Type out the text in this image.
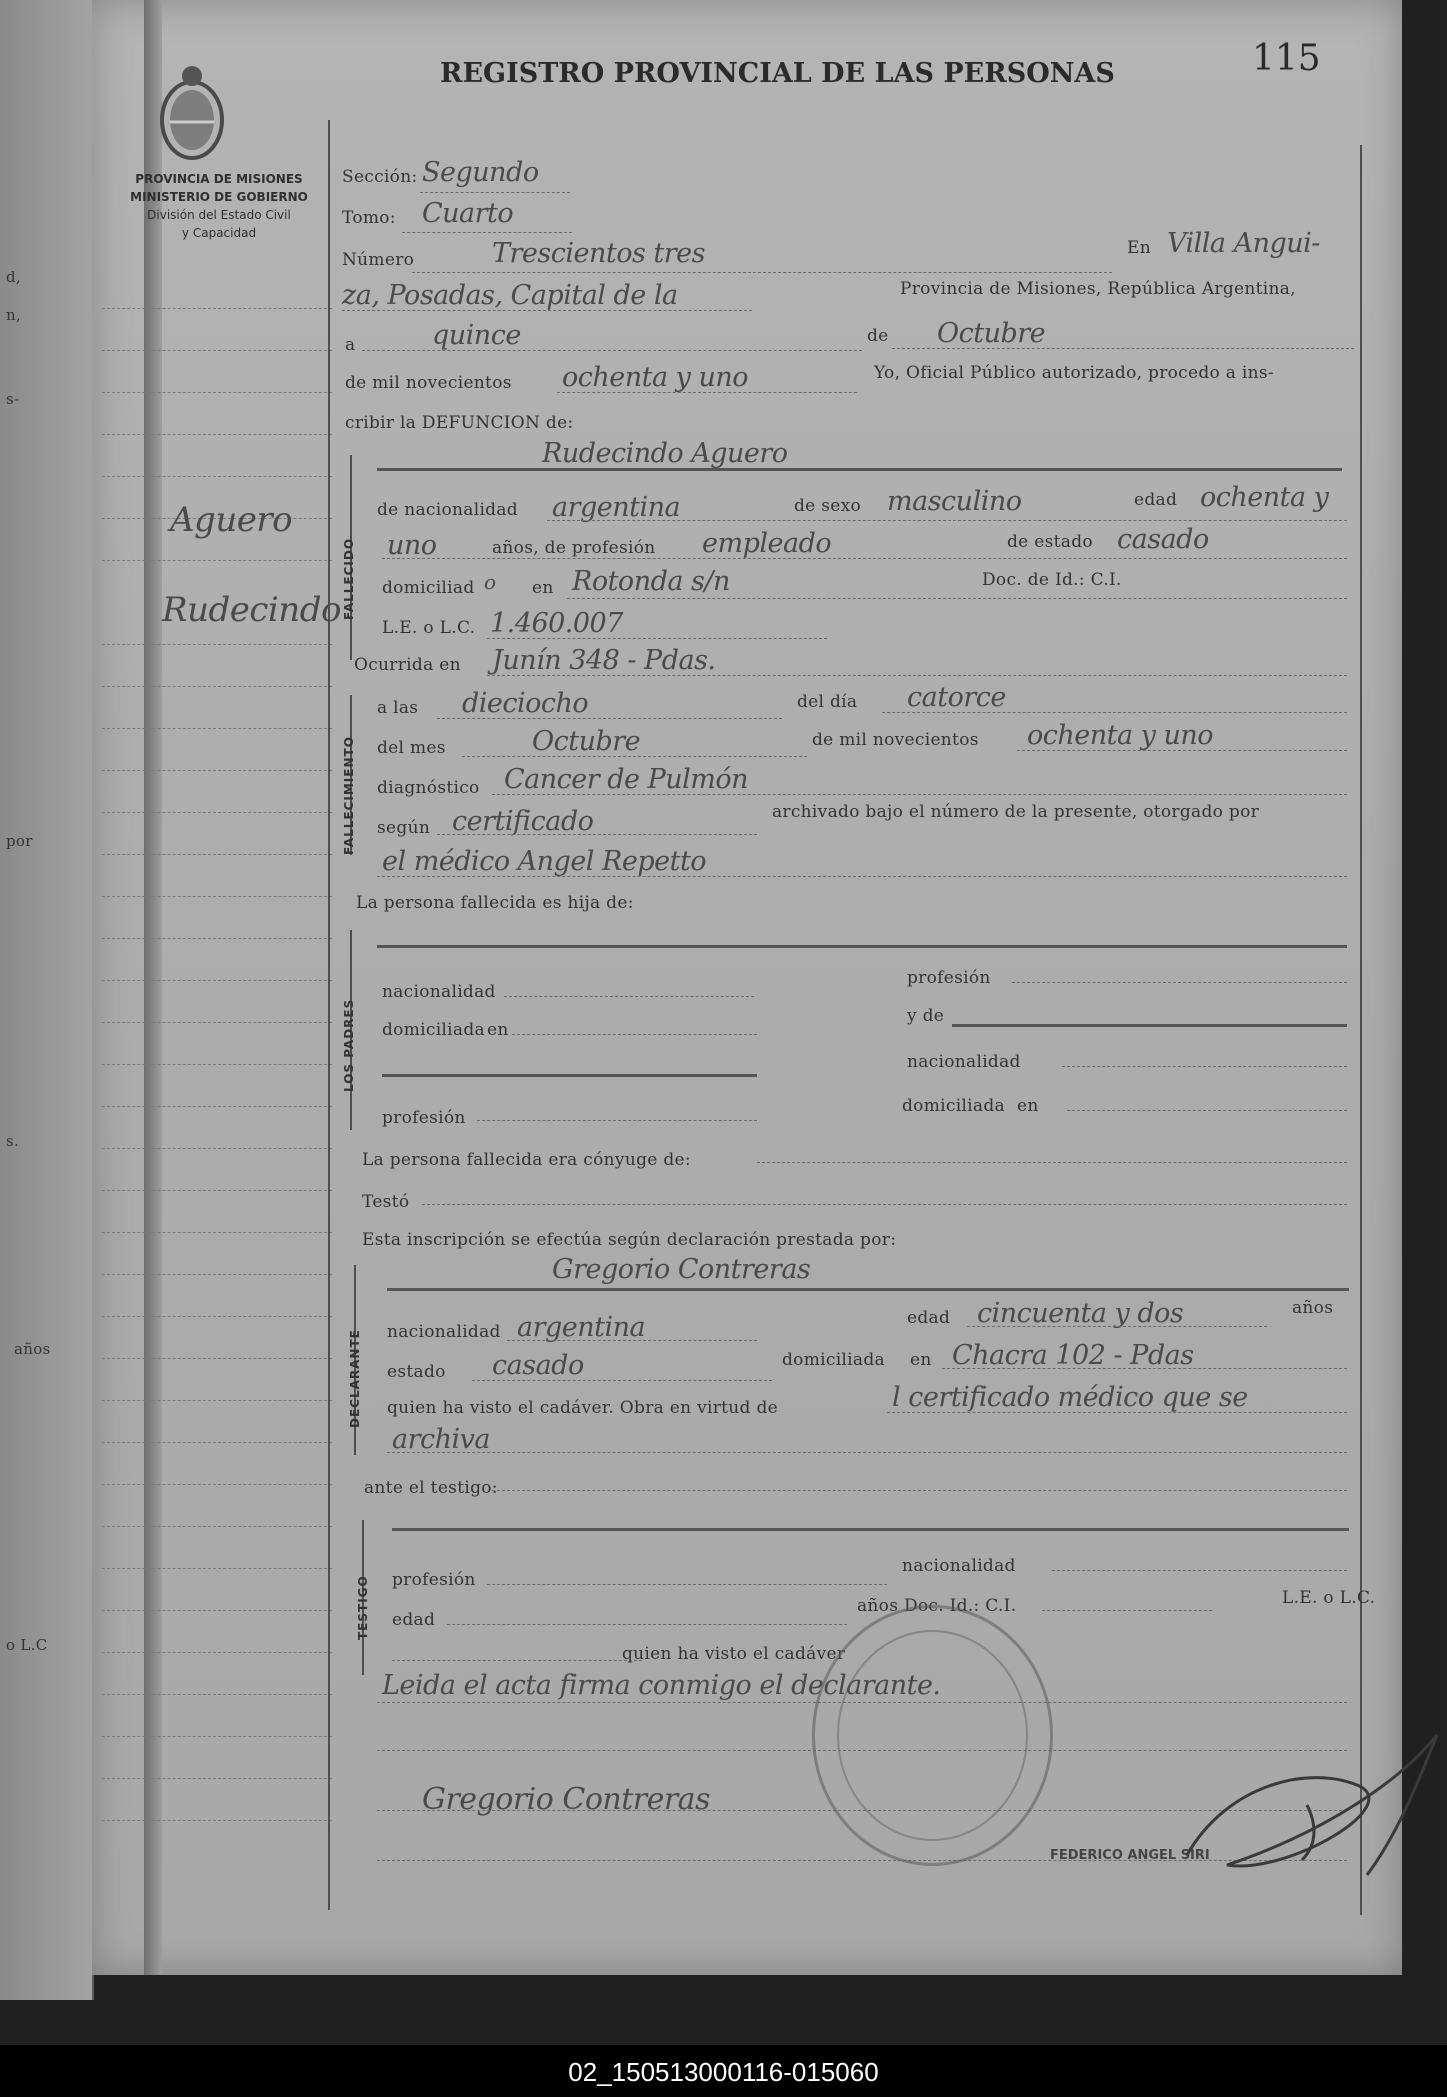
d,
n,
s-
por
s.
años
o L.C
PROVINCIA DE MISIONES
MINISTERIO DE GOBIERNO
División del Estado Civil
y Capacidad
Aguero
Rudecindo
REGISTRO PROVINCIAL DE LAS PERSONAS	115
Sección: Segundo
Tomo: Cuarto
Número	Trescientos tres	En Villa Angui-
za, Posadas, Capital de la	Provincia de Misiones, República Argentina,
a	quince	de Octubre
de mil novecientos ochenta y uno	Yo, Oficial Público autorizado, procedo a ins-
cribir la DEFUNCION de:
FALLECIDO
Rudecindo Aguero
de nacionalidad argentina	de sexo masculino	edad ochenta y
uno	años, de profesión empleado	de estado casado
domiciliad o en Rotonda s/n	Doc. de Id.: C.I.
L.E. o L.C. 1.460.007
Ocurrida en Junín 348 - Pdas.
FALLECIMIENTO
a las dieciocho	del día catorce
del mes	Octubre	de mil novecientos ochenta y uno
diagnóstico Cancer de Pulmón
según certificado	archivado bajo el número de la presente, otorgado por
el médico Angel Repetto
La persona fallecida es hija de:
LOS PADRES
nacionalidad
profesión
domiciliada en
y de
nacionalidad
profesión
domiciliada en
La persona fallecida era cónyuge de:
Testó
Esta inscripción se efectúa según declaración prestada por:
DECLARANTE
Gregorio Contreras
nacionalidad argentina	edad cincuenta y dos	años
estado casado	domiciliada en Chacra 102 - Pdas
quien ha visto el cadáver. Obra en virtud de	l certificado médico que se
archiva
ante el testigo:
TESTIGO profesión
nacionalidad
edad
años Doc. Id.: C.I.	L.E. o L.C.
quien ha visto el cadáver
Leida el acta firma conmigo el declarante.
Gregorio Contreras
FEDERICO ANGEL SIRI
02_150513000116-015060
